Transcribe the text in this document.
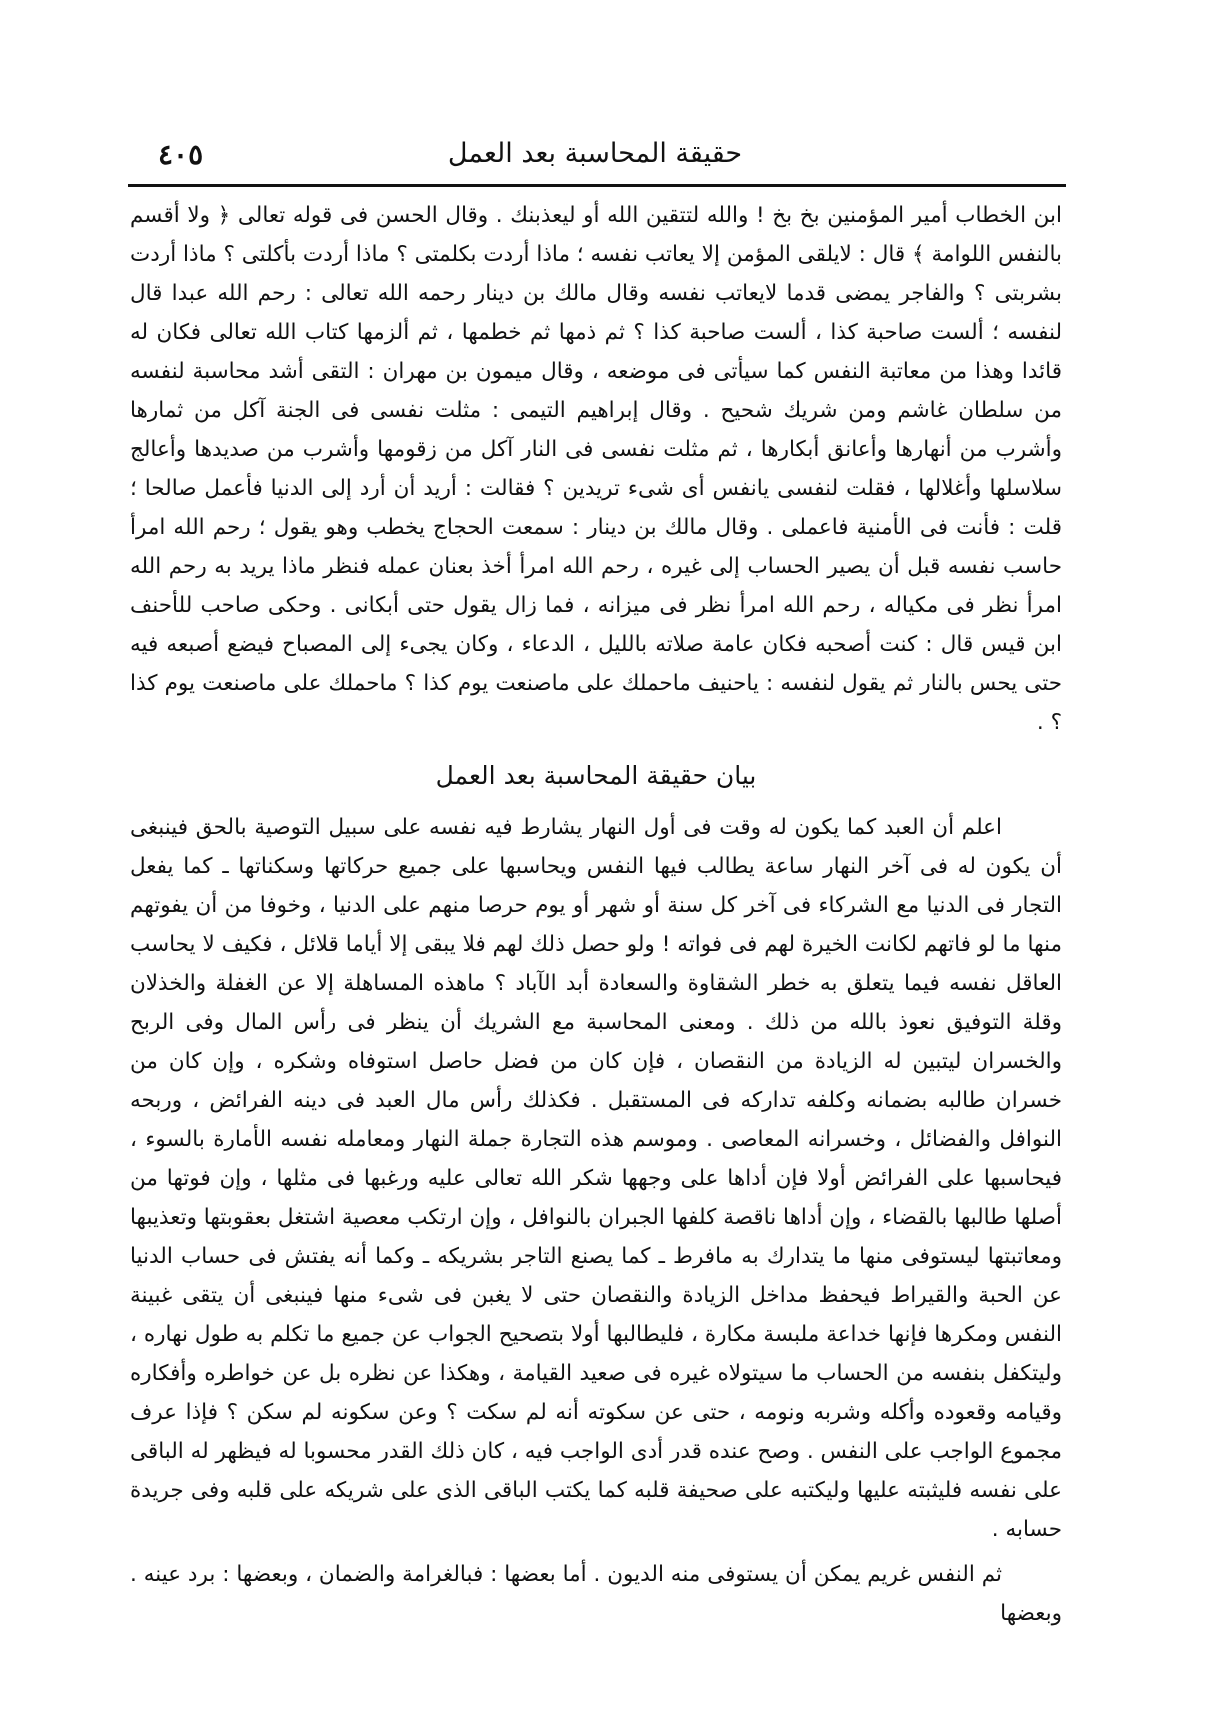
٤٠٥	حقيقة المحاسبة بعد العمل

ابن الخطاب أمير المؤمنين بخ بخ ! والله لتتقين الله أو ليعذبنك . وقال الحسن فى قوله تعالى ﴿ ولا أقسم بالنفس اللوامة ﴾ قال : لايلقى المؤمن إلا يعاتب نفسه ؛ ماذا أردت بكلمتى ؟ ماذا أردت بأكلتى ؟ ماذا أردت بشربتى ؟ والفاجر يمضى قدما لايعاتب نفسه وقال مالك بن دينار رحمه الله تعالى : رحم الله عبدا قال لنفسه ؛ ألست صاحبة كذا ، ألست صاحبة كذا ؟ ثم ذمها ثم خطمها ، ثم ألزمها كتاب الله تعالى فكان له قائدا وهذا من معاتبة النفس كما سيأتى فى موضعه ، وقال ميمون بن مهران : التقى أشد محاسبة لنفسه من سلطان غاشم ومن شريك شحيح . وقال إبراهيم التيمى : مثلت نفسى فى الجنة آكل من ثمارها وأشرب من أنهارها وأعانق أبكارها ، ثم مثلت نفسى فى النار آكل من زقومها وأشرب من صديدها وأعالج سلاسلها وأغلالها ، فقلت لنفسى يانفس أى شىء تريدين ؟ فقالت : أريد أن أرد إلى الدنيا فأعمل صالحا ؛ قلت : فأنت فى الأمنية فاعملى . وقال مالك بن دينار : سمعت الحجاج يخطب وهو يقول ؛ رحم الله امرأ حاسب نفسه قبل أن يصير الحساب إلى غيره ، رحم الله امرأ أخذ بعنان عمله فنظر ماذا يريد به رحم الله امرأ نظر فى مكياله ، رحم الله امرأ نظر فى ميزانه ، فما زال يقول حتى أبكانى . وحكى صاحب للأحنف ابن قيس قال : كنت أصحبه فكان عامة صلاته بالليل ، الدعاء ، وكان يجىء إلى المصباح فيضع أصبعه فيه حتى يحس بالنار ثم يقول لنفسه : ياحنيف ماحملك على ماصنعت يوم كذا ؟ ماحملك على ماصنعت يوم كذا ؟ .

بيان حقيقة المحاسبة بعد العمل

اعلم أن العبد كما يكون له وقت فى أول النهار يشارط فيه نفسه على سبيل التوصية بالحق فينبغى أن يكون له فى آخر النهار ساعة يطالب فيها النفس ويحاسبها على جميع حركاتها وسكناتها ـ كما يفعل التجار فى الدنيا مع الشركاء فى آخر كل سنة أو شهر أو يوم حرصا منهم على الدنيا ، وخوفا من أن يفوتهم منها ما لو فاتهم لكانت الخيرة لهم فى فواته ! ولو حصل ذلك لهم فلا يبقى إلا أياما قلائل ، فكيف لا يحاسب العاقل نفسه فيما يتعلق به خطر الشقاوة والسعادة أبد الآباد ؟ ماهذه المساهلة إلا عن الغفلة والخذلان وقلة التوفيق نعوذ بالله من ذلك . ومعنى المحاسبة مع الشريك أن ينظر فى رأس المال وفى الربح والخسران ليتبين له الزيادة من النقصان ، فإن كان من فضل حاصل استوفاه وشكره ، وإن كان من خسران طالبه بضمانه وكلفه تداركه فى المستقبل . فكذلك رأس مال العبد فى دينه الفرائض ، وربحه النوافل والفضائل ، وخسرانه المعاصى . وموسم هذه التجارة جملة النهار ومعامله نفسه الأمارة بالسوء ، فيحاسبها على الفرائض أولا فإن أداها على وجهها شكر الله تعالى عليه ورغبها فى مثلها ، وإن فوتها من أصلها طالبها بالقضاء ، وإن أداها ناقصة كلفها الجبران بالنوافل ، وإن ارتكب معصية اشتغل بعقوبتها وتعذيبها ومعاتبتها ليستوفى منها ما يتدارك به مافرط ـ كما يصنع التاجر بشريكه ـ وكما أنه يفتش فى حساب الدنيا عن الحبة والقيراط فيحفظ مداخل الزيادة والنقصان حتى لا يغبن فى شىء منها فينبغى أن يتقى غبينة النفس ومكرها فإنها خداعة ملبسة مكارة ، فليطالبها أولا بتصحيح الجواب عن جميع ما تكلم به طول نهاره ، وليتكفل بنفسه من الحساب ما سيتولاه غيره فى صعيد القيامة ، وهكذا عن نظره بل عن خواطره وأفكاره وقيامه وقعوده وأكله وشربه ونومه ، حتى عن سكوته أنه لم سكت ؟ وعن سكونه لم سكن ؟ فإذا عرف مجموع الواجب على النفس . وصح عنده قدر أدى الواجب فيه ، كان ذلك القدر محسوبا له فيظهر له الباقى على نفسه فليثبته عليها وليكتبه على صحيفة قلبه كما يكتب الباقى الذى على شريكه على قلبه وفى جريدة حسابه .

ثم النفس غريم يمكن أن يستوفى منه الديون . أما بعضها : فبالغرامة والضمان ، وبعضها : برد عينه . وبعضها
